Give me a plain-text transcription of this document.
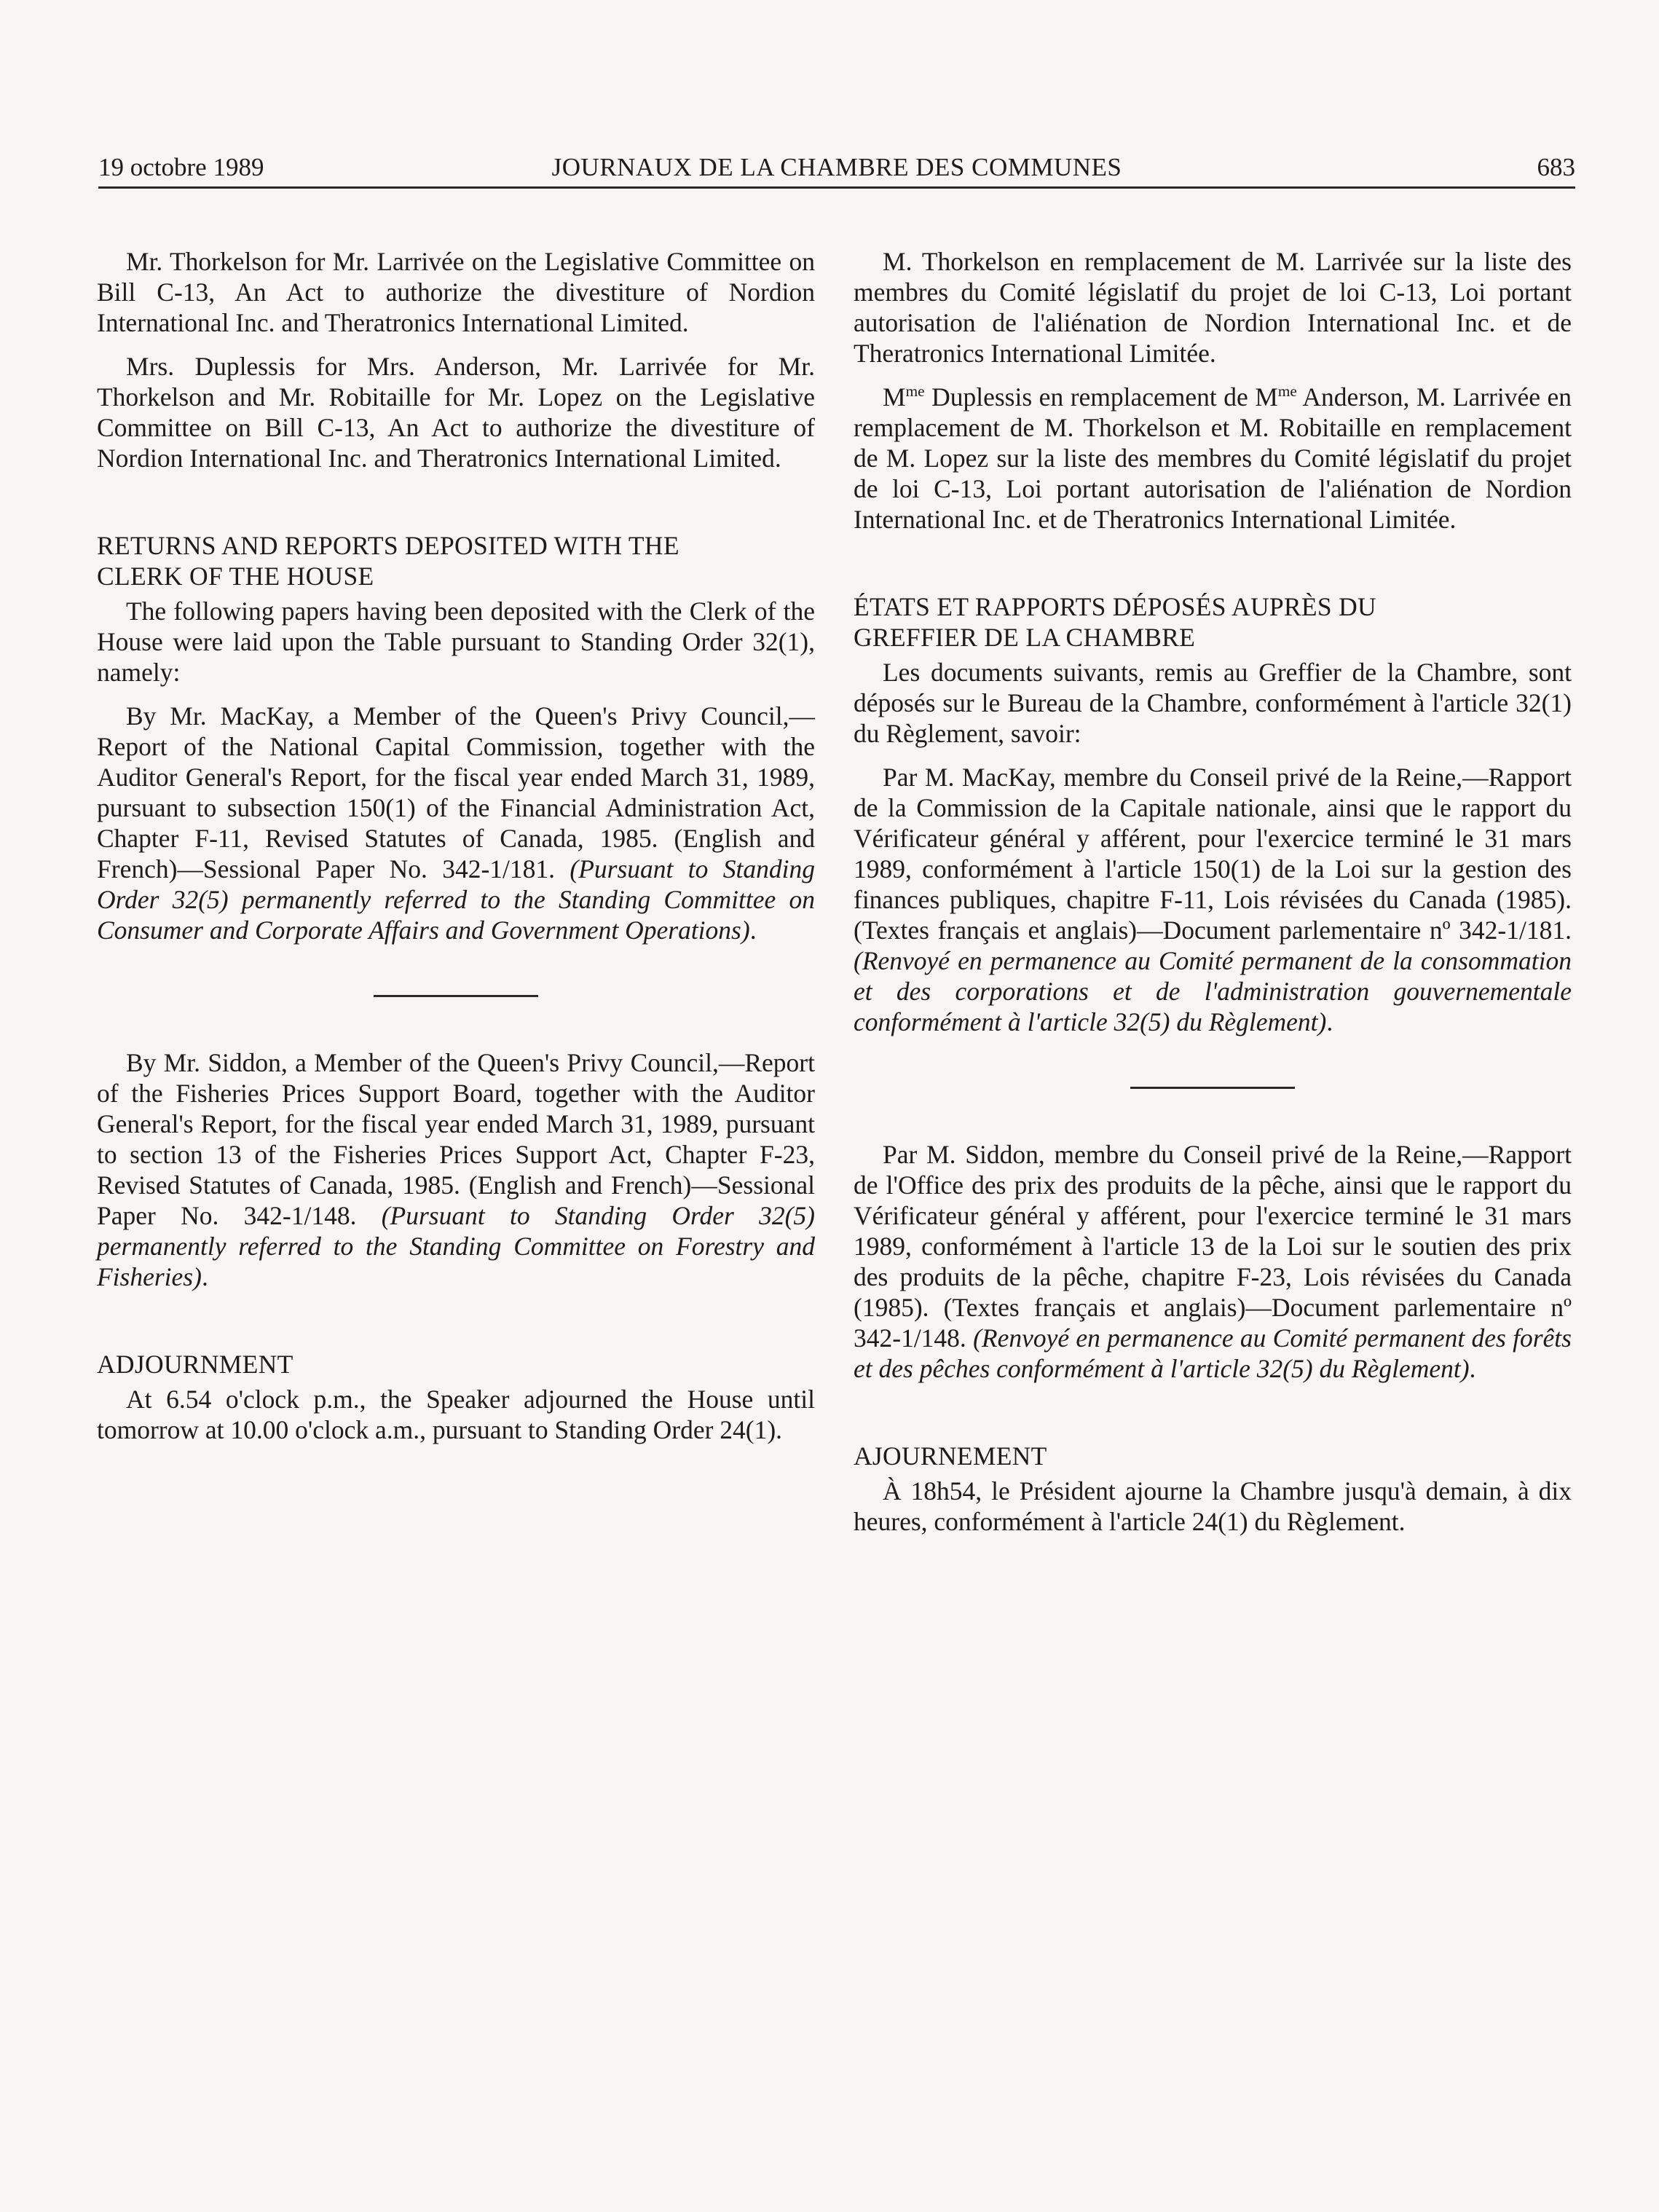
19 octobre 1989	JOURNAUX DE LA CHAMBRE DES COMMUNES	683

Mr. Thorkelson for Mr. Larrivée on the Legislative Committee on Bill C-13, An Act to authorize the divestiture of Nordion International Inc. and Theratronics International Limited.

Mrs. Duplessis for Mrs. Anderson, Mr. Larrivée for Mr. Thorkelson and Mr. Robitaille for Mr. Lopez on the Legislative Committee on Bill C-13, An Act to authorize the divestiture of Nordion International Inc. and Theratronics International Limited.

RETURNS AND REPORTS DEPOSITED WITH THE
CLERK OF THE HOUSE

The following papers having been deposited with the Clerk of the House were laid upon the Table pursuant to Standing Order 32(1), namely:

By Mr. MacKay, a Member of the Queen's Privy Council,—Report of the National Capital Commission, together with the Auditor General's Report, for the fiscal year ended March 31, 1989, pursuant to subsection 150(1) of the Financial Administration Act, Chapter F-11, Revised Statutes of Canada, 1985. (English and French)—Sessional Paper No. 342-1/181. (Pursuant to Standing Order 32(5) permanently referred to the Standing Committee on Consumer and Corporate Affairs and Government Operations).

By Mr. Siddon, a Member of the Queen's Privy Council,—Report of the Fisheries Prices Support Board, together with the Auditor General's Report, for the fiscal year ended March 31, 1989, pursuant to section 13 of the Fisheries Prices Support Act, Chapter F-23, Revised Statutes of Canada, 1985. (English and French)—Sessional Paper No. 342-1/148. (Pursuant to Standing Order 32(5) permanently referred to the Standing Committee on Forestry and Fisheries).

ADJOURNMENT

At 6.54 o'clock p.m., the Speaker adjourned the House until tomorrow at 10.00 o'clock a.m., pursuant to Standing Order 24(1).

M. Thorkelson en remplacement de M. Larrivée sur la liste des membres du Comité législatif du projet de loi C-13, Loi portant autorisation de l'aliénation de Nordion International Inc. et de Theratronics International Limitée.

$M^{me}$ Duplessis en remplacement de $M^{me}$ Anderson, M. Larrivée en remplacement de M. Thorkelson et M. Robitaille en remplacement de M. Lopez sur la liste des membres du Comité législatif du projet de loi C-13, Loi portant autorisation de l'aliénation de Nordion International Inc. et de Theratronics International Limitée.

ÉTATS ET RAPPORTS DÉPOSÉS AUPRÈS DU
GREFFIER DE LA CHAMBRE

Les documents suivants, remis au Greffier de la Chambre, sont déposés sur le Bureau de la Chambre, conformément à l'article 32(1) du Règlement, savoir:

Par M. MacKay, membre du Conseil privé de la Reine,—Rapport de la Commission de la Capitale nationale, ainsi que le rapport du Vérificateur général y afférent, pour l'exercice terminé le 31 mars 1989, conformément à l'article 150(1) de la Loi sur la gestion des finances publiques, chapitre F-11, Lois révisées du Canada (1985). (Textes français et anglais)—Document parlementaire nº 342-1/181. (Renvoyé en permanence au Comité permanent de la consommation et des corporations et de l'administration gouvernementale conformément à l'article 32(5) du Règlement).

Par M. Siddon, membre du Conseil privé de la Reine,—Rapport de l'Office des prix des produits de la pêche, ainsi que le rapport du Vérificateur général y afférent, pour l'exercice terminé le 31 mars 1989, conformément à l'article 13 de la Loi sur le soutien des prix des produits de la pêche, chapitre F-23, Lois révisées du Canada (1985). (Textes français et anglais)—Document parlementaire nº 342-1/148. (Renvoyé en permanence au Comité permanent des forêts et des pêches conformément à l'article 32(5) du Règlement).

AJOURNEMENT

À 18h54, le Président ajourne la Chambre jusqu'à demain, à dix heures, conformément à l'article 24(1) du Règlement.
